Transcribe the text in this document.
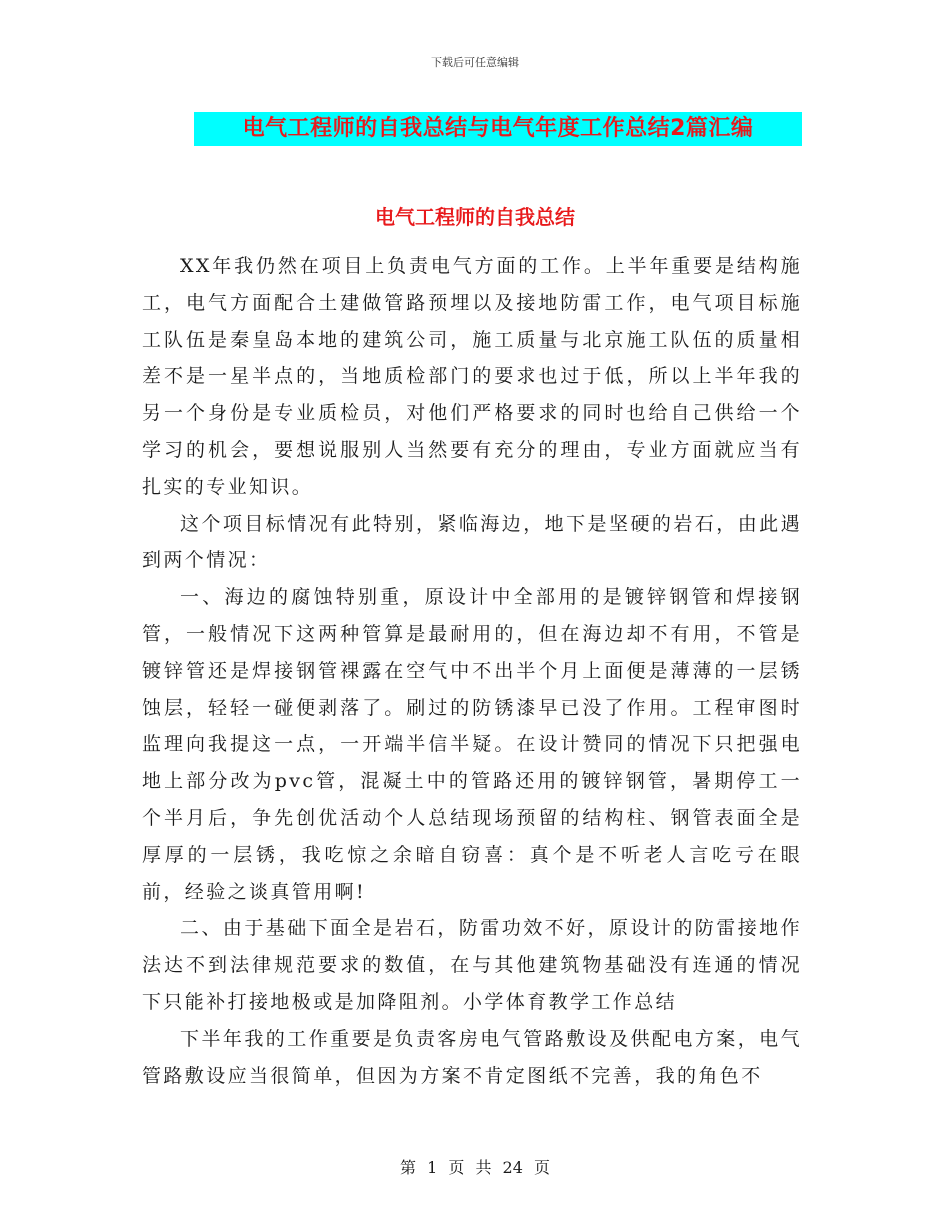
下载后可任意编辑
电气工程师的自我总结与电气年度工作总结2篇汇编
电气工程师的自我总结

XX年我仍然在项目上负责电气方面的工作。上半年重要是结构施工，电气方面配合土建做管路预埋以及接地防雷工作，电气项目标施工队伍是秦皇岛本地的建筑公司，施工质量与北京施工队伍的质量相差不是一星半点的，当地质检部门的要求也过于低，所以上半年我的另一个身份是专业质检员，对他们严格要求的同时也给自己供给一个学习的机会，要想说服别人当然要有充分的理由，专业方面就应当有扎实的专业知识。

这个项目标情况有此特别，紧临海边，地下是坚硬的岩石，由此遇到两个情况：

一、海边的腐蚀特别重，原设计中全部用的是镀锌钢管和焊接钢管，一般情况下这两种管算是最耐用的，但在海边却不有用，不管是镀锌管还是焊接钢管裸露在空气中不出半个月上面便是薄薄的一层锈蚀层，轻轻一碰便剥落了。刷过的防锈漆早已没了作用。工程审图时监理向我提这一点，一开端半信半疑。在设计赞同的情况下只把强电地上部分改为pvc管，混凝土中的管路还用的镀锌钢管，暑期停工一个半月后，争先创优活动个人总结现场预留的结构柱、钢管表面全是厚厚的一层锈，我吃惊之余暗自窃喜：真个是不听老人言吃亏在眼前，经验之谈真管用啊!

二、由于基础下面全是岩石，防雷功效不好，原设计的防雷接地作法达不到法律规范要求的数值，在与其他建筑物基础没有连通的情况下只能补打接地极或是加降阻剂。小学体育教学工作总结

下半年我的工作重要是负责客房电气管路敷设及供配电方案，电气管路敷设应当很简单，但因为方案不肯定图纸不完善，我的角色不

第 1 页 共 24 页
